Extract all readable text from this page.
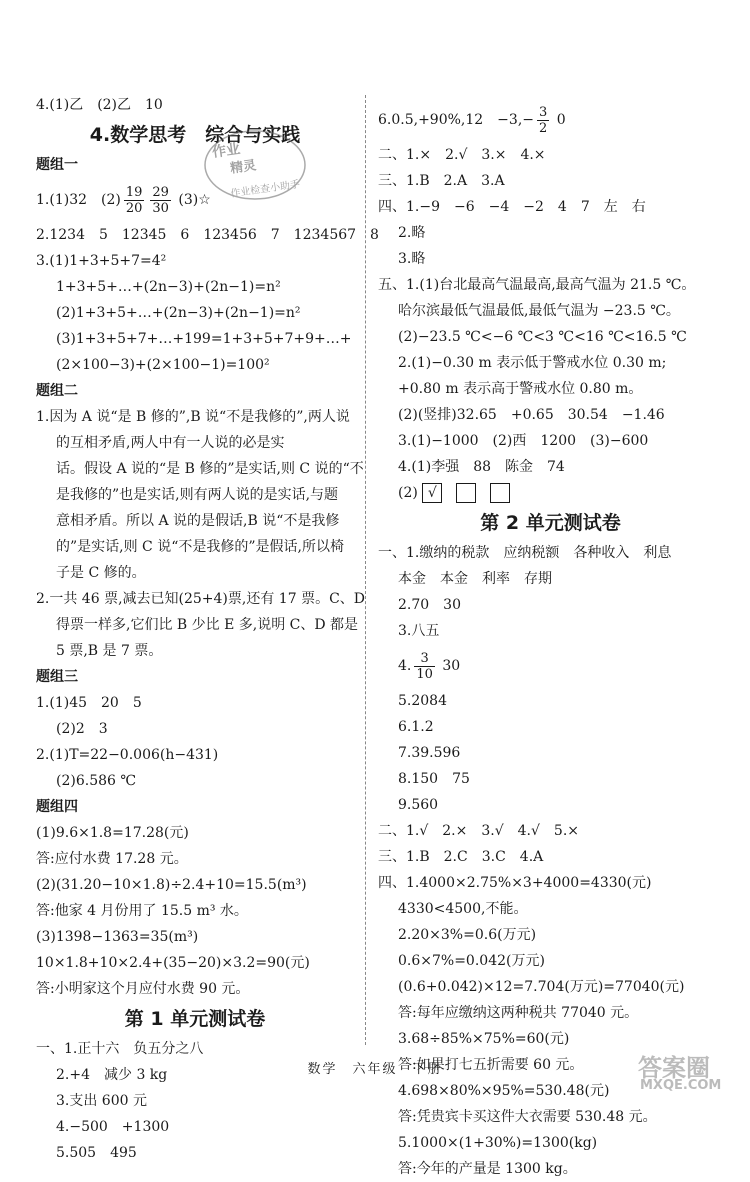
4.(1)乙　(2)乙　10
4.数学思考　综合与实践
题组一
1.(1)32　$(2) \frac{19}{20} \frac{29}{30}$ (3)☆
2.1234　5　12345　6　123456　7　1234567　8
3.(1)1+3+5+7=4²
1+3+5+…+(2n−3)+(2n−1)=n²
(2)1+3+5+…+(2n−3)+(2n−1)=n²
(3)1+3+5+7+…+199=1+3+5+7+9+…+
(2×100−3)+(2×100−1)=100²
题组二
1.因为 A 说“是 B 修的”,B 说“不是我修的”,两人说
的互相矛盾,两人中有一人说的必是实
话。假设 A 说的“是 B 修的”是实话,则 C 说的“不
是我修的”也是实话,则有两人说的是实话,与题
意相矛盾。所以 A 说的是假话,B 说“不是我修
的”是实话,则 C 说“不是我修的”是假话,所以椅
子是 C 修的。
2.一共 46 票,减去已知(25+4)票,还有 17 票。C、D
得票一样多,它们比 B 少比 E 多,说明 C、D 都是
5 票,B 是 7 票。
题组三
1.(1)45　20　5
(2)2　3
2.(1)T=22−0.006(h−431)
(2)6.586 ℃
题组四
(1)9.6×1.8=17.28(元)
答:应付水费 17.28 元。
(2)(31.20−10×1.8)÷2.4+10=15.5(m³)
答:他家 4 月份用了 15.5 m³ 水。
(3)1398−1363=35(m³)
10×1.8+10×2.4+(35−20)×3.2=90(元)
答:小明家这个月应付水费 90 元。
第 1 单元测试卷
一、1.正十六　负五分之八
2.+4　减少 3 kg
3.支出 600 元
4.−500　+1300
5.505　495
作业
精灵
作业检查小助手
6.0.5,+90%,12　$-3,- \frac{3}{2} 0$
二、1.×　2.√　3.×　4.×
三、1.B　2.A　3.A
四、1.−9　−6　−4　−2　4　7　左　右
2.略
3.略
五、1.(1)台北最高气温最高,最高气温为 21.5 ℃。
哈尔滨最低气温最低,最低气温为 −23.5 ℃。
(2)−23.5 ℃<−6 ℃<3 ℃<16 ℃<16.5 ℃
2.(1)−0.30 m 表示低于警戒水位 0.30 m;
+0.80 m 表示高于警戒水位 0.80 m。
(2)(竖排)32.65　+0.65　30.54　−1.46
3.(1)−1000　(2)西　1200　(3)−600
4.(1)李强　88　陈金　74
(2) √
第 2 单元测试卷
一、1.缴纳的税款　应纳税额　各种收入　利息
本金　本金　利率　存期
2.70　30
3.八五
4. $\frac{3}{10} 30$
5.2084
6.1.2
7.39.596
8.150　75
9.560
二、1.√　2.×　3.√　4.√　5.×
三、1.B　2.C　3.C　4.A
四、1.4000×2.75%×3+4000=4330(元)
4330<4500,不能。
2.20×3%=0.6(万元)
0.6×7%=0.042(万元)
(0.6+0.042)×12=7.704(万元)=77040(元)
答:每年应缴纳这两种税共 77040 元。
3.68÷85%×75%=60(元)
答:如果打七五折需要 60 元。
4.698×80%×95%=530.48(元)
答:凭贵宾卡买这件大衣需要 530.48 元。
5.1000×(1+30%)=1300(kg)
答:今年的产量是 1300 kg。
数学　六年级　下册	答案圈
MXQE.COM
